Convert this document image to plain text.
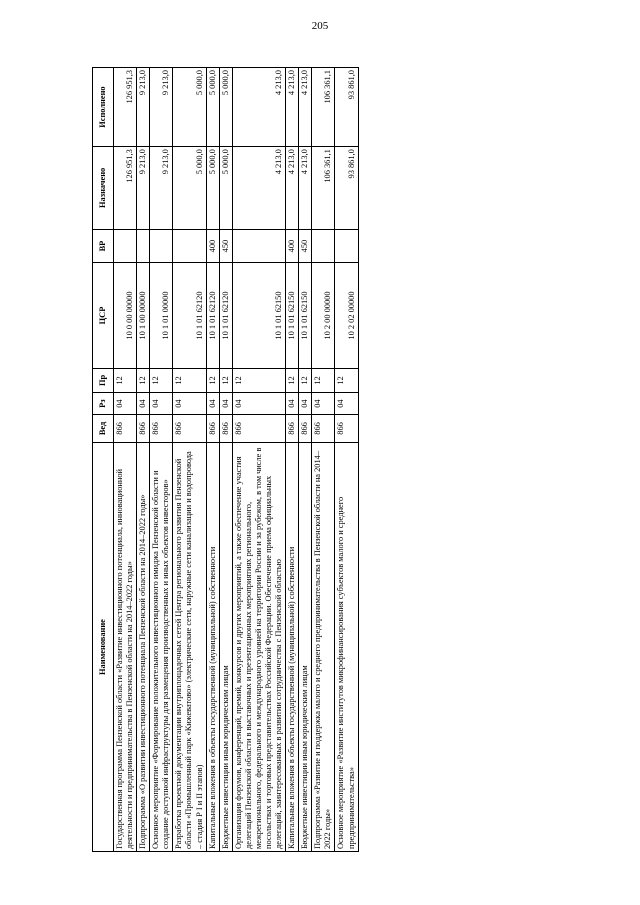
205
Наименование	Вед	Рз	Пр	ЦСР	ВР	Назначено	Исполнено
Государственная программа Пензенской области «Развитие инвестиционного потенциала, инновационной деятельности и предпринимательства в Пензенской области на 2014–2022 годы»	866	04	12	10 0 00 00000		126 951,3	126 951,3
Подпрограмма «О развитии инвестиционного потенциала Пензенской области на 2014–2022 годы»	866	04	12	10 1 00 00000		9 213,0	9 213,0
Основное мероприятие «Формирование положительного инвестиционного имиджа Пензенской области и создание доступной инфраструктуры для размещения производственных и иных объектов инвесторов»	866	04	12	10 1 01 00000		9 213,0	9 213,0
Разработка проектной документации внутриплощадочных сетей Центра регионального развития Пензенской области «Промышленный парк «Кижеватово» (электрические сети, наружные сети канализации и водопровода – стадия Р I и II этапов)	866	04	12	10 1 01 62120		5 000,0	5 000,0
Капитальные вложения в объекты государственной (муниципальной) собственности	866	04	12	10 1 01 62120	400	5 000,0	5 000,0
Бюджетные инвестиции иным юридическим лицам	866	04	12	10 1 01 62120	450	5 000,0	5 000,0
Организация форумов, конференций, премий, конкурсов и других мероприятий, а также обеспечение участия делегаций Пензенской области в выставочных и презентационных мероприятиях регионального, межрегионального, федерального и международного уровней на территории России и за рубежом, в том числе в посольствах и торговых представительствах Российской Федерации. Обеспечение приема официальных делегаций, заинтересованных в развитии сотрудничества с Пензенской областью	866	04	12	10 1 01 62150		4 213,0	4 213,0
Капитальные вложения в объекты государственной (муниципальной) собственности	866	04	12	10 1 01 62150	400	4 213,0	4 213,0
Бюджетные инвестиции иным юридическим лицам	866	04	12	10 1 01 62150	450	4 213,0	4 213,0
Подпрограмма «Развитие и поддержка малого и среднего предпринимательства в Пензенской области на 2014–2022 годы»	866	04	12	10 2 00 00000		106 361,1	106 361,1
Основное мероприятие «Развитие институтов микрофинансирования субъектов малого и среднего предпринимательства»	866	04	12	10 2 02 00000		93 861,0	93 861,0
